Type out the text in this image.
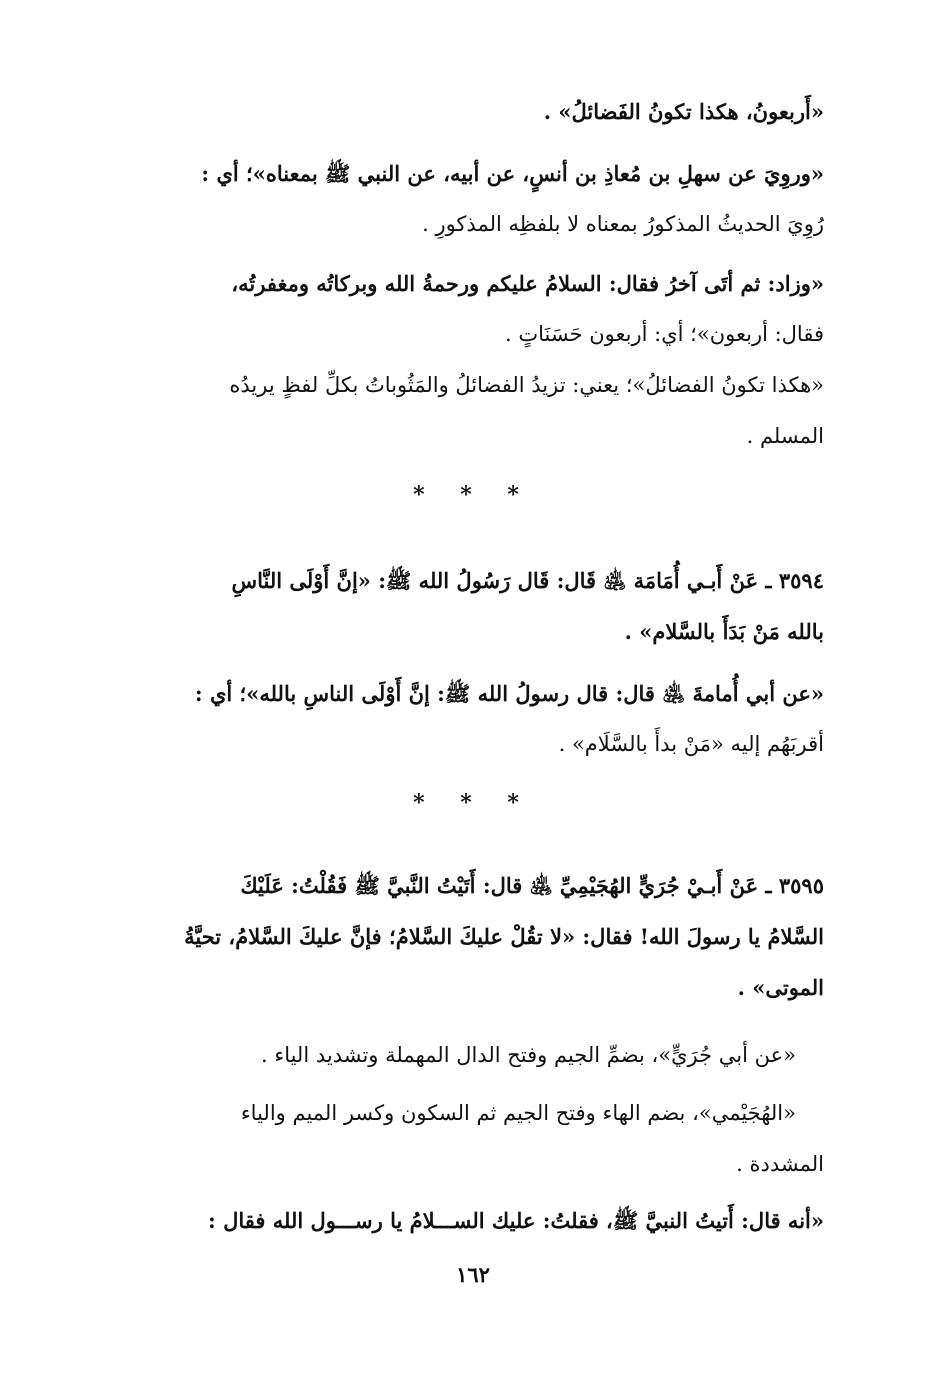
«أَربعونُ، هكذا تكونُ الفَضائلُ» .
«وروِيَ عن سهلِ بن مُعاذِ بن أنسٍ، عن أبيه، عن النبي ﷺ بمعناه»؛ أي :
رُوِيَ الحديثُ المذكورُ بمعناه لا بلفظِه المذكورِ .
«وزاد: ثم أتَى آخرُ فقال: السلامُ عليكم ورحمةُ الله وبركاتُه ومغفرتُه،
فقال: أربعون»؛ أي: أربعون حَسَنَاتٍ .
«هكذا تكونُ الفضائلُ»؛ يعني: تزيدُ الفضائلُ والمَثُوباتُ بكلِّ لفظٍ يريدُه
المسلم .
* * *
٣٥٩٤ ـ عَنْ أَبـي أُمَامَة ﵁ قَال: قَال رَسُولُ الله ﷺ: «إنَّ أَوْلَى النَّاسِ
بالله مَنْ بَدَأَ بالسَّلام» .
«عن أبي أُمامةَ ﵁ قال: قال رسولُ الله ﷺ: إنَّ أَوْلَى الناسِ بالله»؛ أي :
أقربَهُم إليه «مَنْ بدأَ بالسَّلَام» .
* * *
٣٥٩٥ ـ عَنْ أَبـيْ جُرَيٍّ الهُجَيْمِيِّ ﵁ قال: أَتَيْتُ النَّبيَّ ﷺ فَقُلْتُ: عَلَيْكَ
السَّلامُ يا رسولَ الله! فقال: «لا تقُلْ عليكَ السَّلامُ؛ فإنَّ عليكَ السَّلامُ، تحيَّةُ
الموتى» .
«عن أبي جُرَيٍّ»، بضمِّ الجيم وفتح الدال المهملة وتشديد الياء .
«الهُجَيْمي»، بضم الهاء وفتح الجيم ثم السكون وكسر الميم والياء
المشددة .
«أنه قال: أَتيتُ النبيَّ ﷺ، فقلتُ: عليك الســـلامُ يا رســـول الله فقال :
١٦٢
